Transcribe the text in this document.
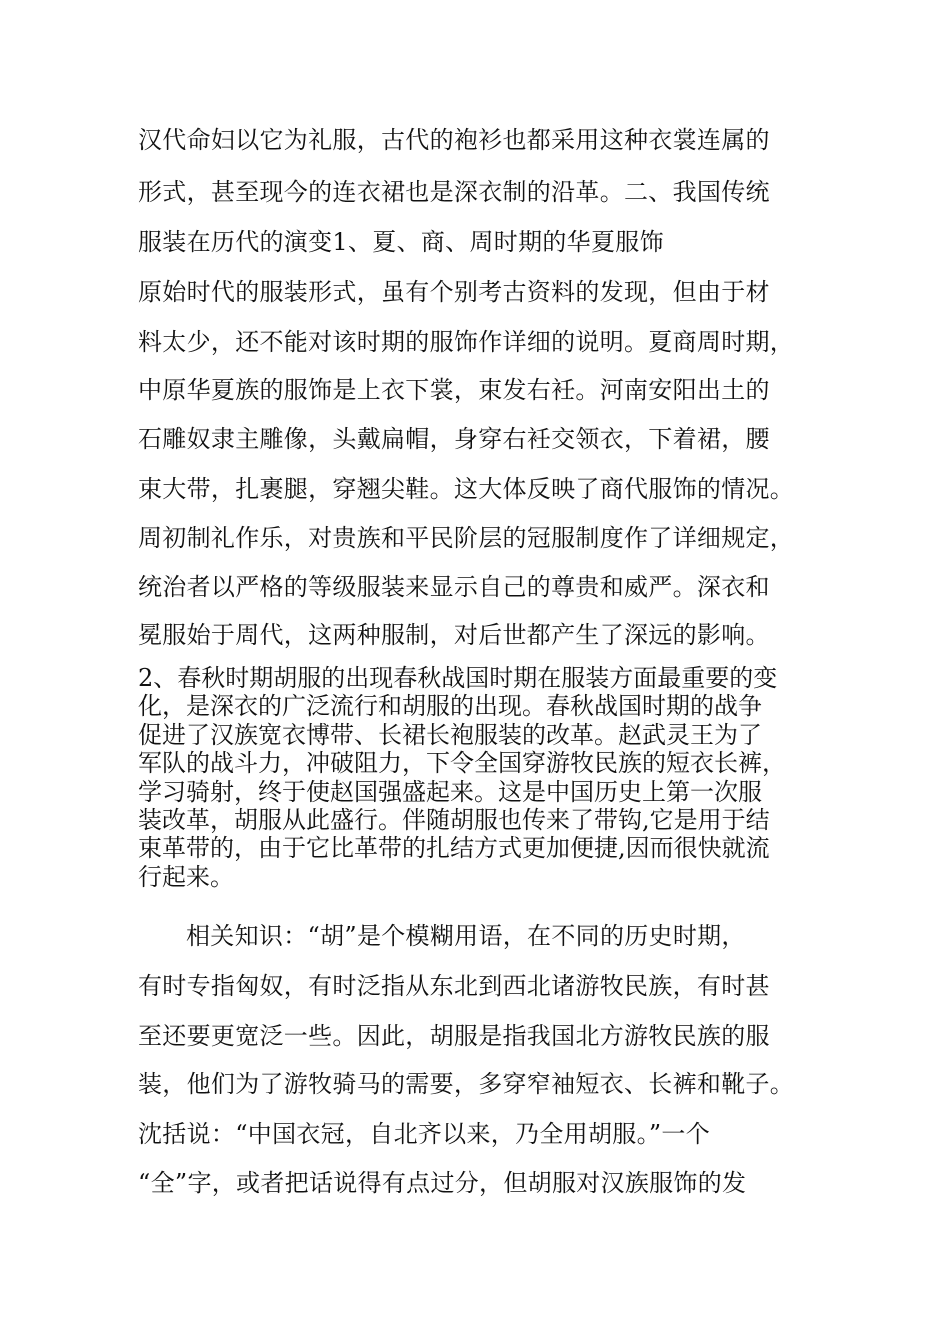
汉代命妇以它为礼服，古代的袍衫也都采用这种衣裳连属的
形式，甚至现今的连衣裙也是深衣制的沿革。二、我国传统
服装在历代的演变1、夏、商、周时期的华夏服饰
原始时代的服装形式，虽有个别考古资料的发现，但由于材
料太少，还不能对该时期的服饰作详细的说明。夏商周时期，
中原华夏族的服饰是上衣下裳，束发右衽。河南安阳出土的
石雕奴隶主雕像，头戴扁帽，身穿右衽交领衣，下着裙，腰
束大带，扎裹腿，穿翘尖鞋。这大体反映了商代服饰的情况。
周初制礼作乐，对贵族和平民阶层的冠服制度作了详细规定，
统治者以严格的等级服装来显示自己的尊贵和威严。深衣和
冕服始于周代，这两种服制，对后世都产生了深远的影响。
2、春秋时期胡服的出现春秋战国时期在服装方面最重要的变
化，是深衣的广泛流行和胡服的出现。春秋战国时期的战争
促进了汉族宽衣博带、长裙长袍服装的改革。赵武灵王为了
军队的战斗力，冲破阻力，下令全国穿游牧民族的短衣长裤，
学习骑射，终于使赵国强盛起来。这是中国历史上第一次服
装改革，胡服从此盛行。伴随胡服也传来了带钩,它是用于结
束革带的，由于它比革带的扎结方式更加便捷,因而很快就流
行起来。
相关知识：“胡”是个模糊用语，在不同的历史时期，
有时专指匈奴，有时泛指从东北到西北诸游牧民族，有时甚
至还要更宽泛一些。因此，胡服是指我国北方游牧民族的服
装，他们为了游牧骑马的需要，多穿窄袖短衣、长裤和靴子。
沈括说：“中国衣冠，自北齐以来，乃全用胡服。”一个
“全”字，或者把话说得有点过分，但胡服对汉族服饰的发
